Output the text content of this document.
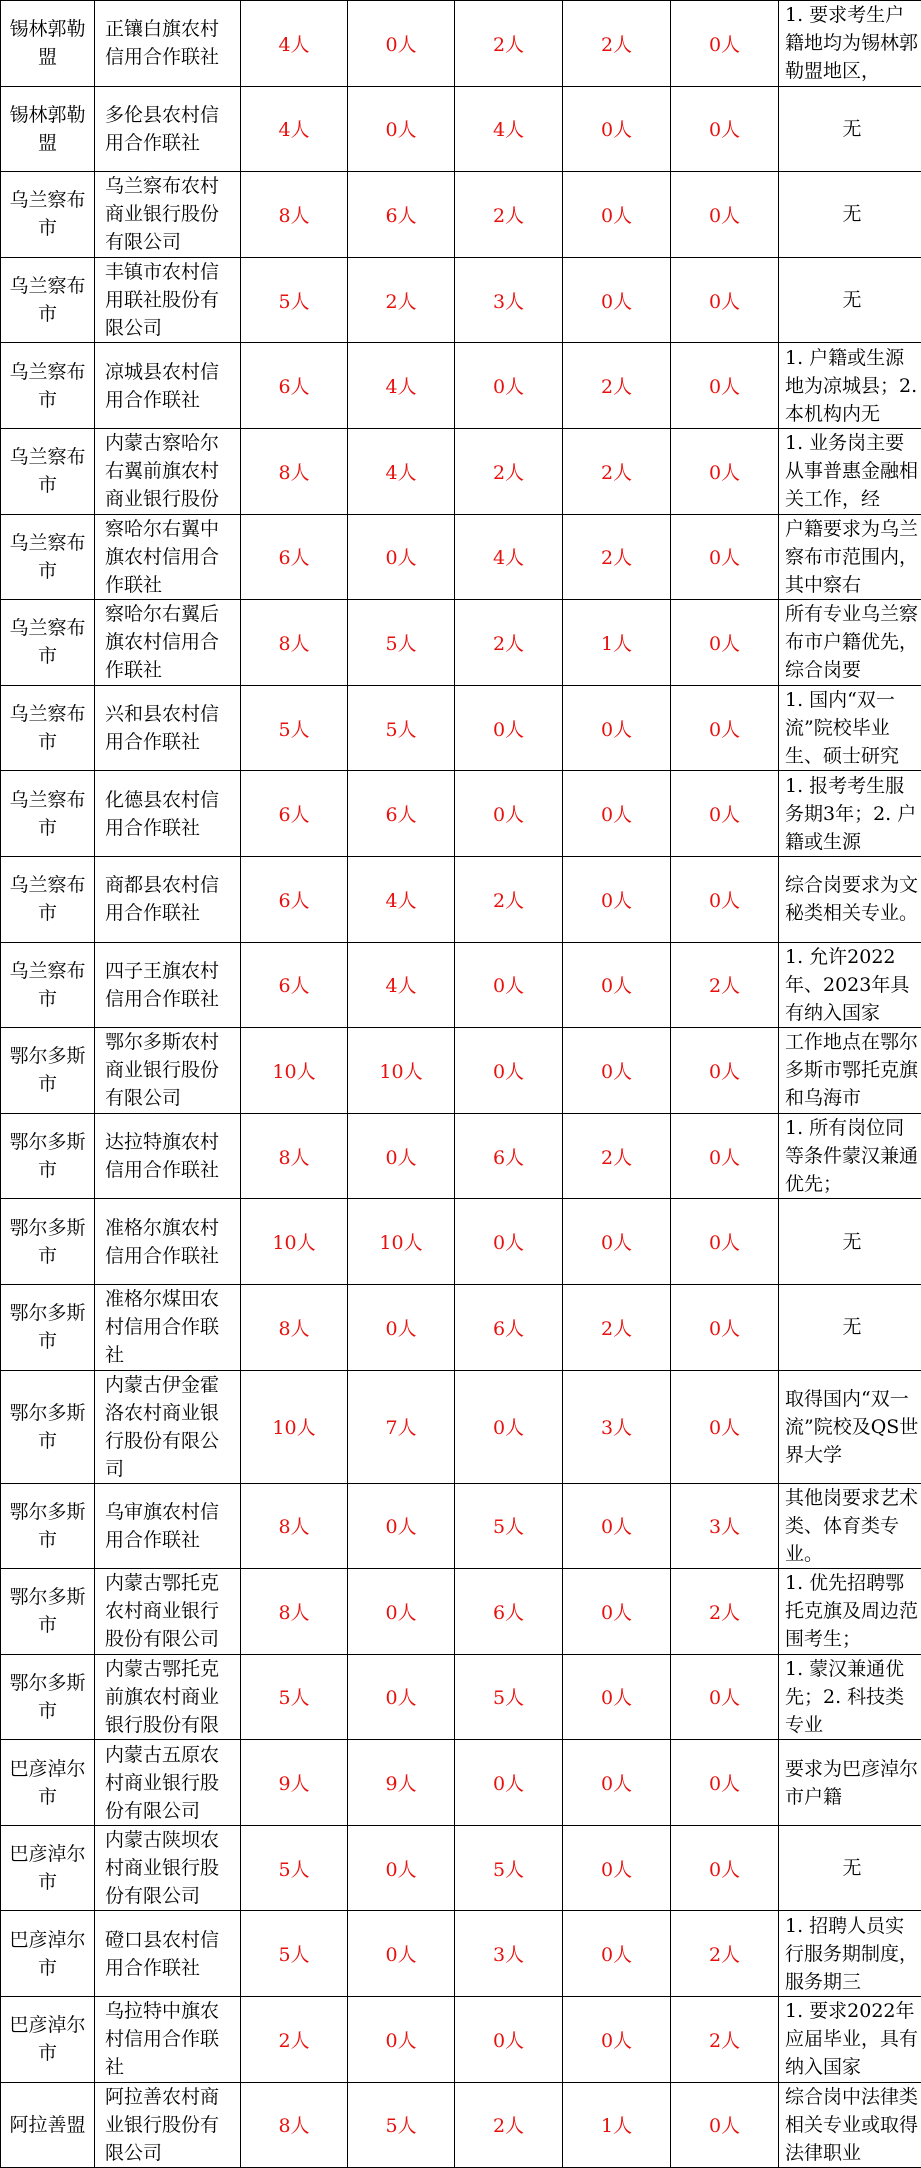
锡林郭勒盟	正镶白旗农村信用合作联社	4人	0人	2人	2人	0人	1. 要求考生户籍地均为锡林郭勒盟地区，

锡林郭勒盟	多伦县农村信用合作联社	4人	0人	4人	0人	0人	无

乌兰察布市	乌兰察布农村商业银行股份有限公司	8人	6人	2人	0人	0人	无

乌兰察布市	丰镇市农村信用联社股份有限公司	5人	2人	3人	0人	0人	无

乌兰察布市	凉城县农村信用合作联社	6人	4人	0人	2人	0人	1. 户籍或生源地为凉城县；2. 本机构内无

乌兰察布市	内蒙古察哈尔右翼前旗农村商业银行股份	8人	4人	2人	2人	0人	1. 业务岗主要从事普惠金融相关工作，经

乌兰察布市	察哈尔右翼中旗农村信用合作联社	6人	0人	4人	2人	0人	户籍要求为乌兰察布市范围内，其中察右

乌兰察布市	察哈尔右翼后旗农村信用合作联社	8人	5人	2人	1人	0人	所有专业乌兰察布市户籍优先，综合岗要

乌兰察布市	兴和县农村信用合作联社	5人	5人	0人	0人	0人	1. 国内“双一流”院校毕业生、硕士研究

乌兰察布市	化德县农村信用合作联社	6人	6人	0人	0人	0人	1. 报考考生服务期3年；2. 户籍或生源

乌兰察布市	商都县农村信用合作联社	6人	4人	2人	0人	0人	综合岗要求为文秘类相关专业。

乌兰察布市	四子王旗农村信用合作联社	6人	4人	0人	0人	2人	1. 允许2022年、2023年具有纳入国家

鄂尔多斯市	鄂尔多斯农村商业银行股份有限公司	10人	10人	0人	0人	0人	工作地点在鄂尔多斯市鄂托克旗和乌海市

鄂尔多斯市	达拉特旗农村信用合作联社	8人	0人	6人	2人	0人	1. 所有岗位同等条件蒙汉兼通优先；

鄂尔多斯市	准格尔旗农村信用合作联社	10人	10人	0人	0人	0人	无

鄂尔多斯市	准格尔煤田农村信用合作联社	8人	0人	6人	2人	0人	无

鄂尔多斯市	内蒙古伊金霍洛农村商业银行股份有限公司	10人	7人	0人	3人	0人	取得国内“双一流”院校及QS世界大学

鄂尔多斯市	乌审旗农村信用合作联社	8人	0人	5人	0人	3人	其他岗要求艺术类、体育类专业。

鄂尔多斯市	内蒙古鄂托克农村商业银行股份有限公司	8人	0人	6人	0人	2人	1. 优先招聘鄂托克旗及周边范围考生；

鄂尔多斯市	内蒙古鄂托克前旗农村商业银行股份有限	5人	0人	5人	0人	0人	1. 蒙汉兼通优先；2. 科技类专业

巴彦淖尔市	内蒙古五原农村商业银行股份有限公司	9人	9人	0人	0人	0人	要求为巴彦淖尔市户籍

巴彦淖尔市	内蒙古陕坝农村商业银行股份有限公司	5人	0人	5人	0人	0人	无

巴彦淖尔市	磴口县农村信用合作联社	5人	0人	3人	0人	2人	1. 招聘人员实行服务期制度，服务期三

巴彦淖尔市	乌拉特中旗农村信用合作联社	2人	0人	0人	0人	2人	1. 要求2022年应届毕业，具有纳入国家

阿拉善盟	阿拉善农村商业银行股份有限公司	8人	5人	2人	1人	0人	综合岗中法律类相关专业或取得法律职业
